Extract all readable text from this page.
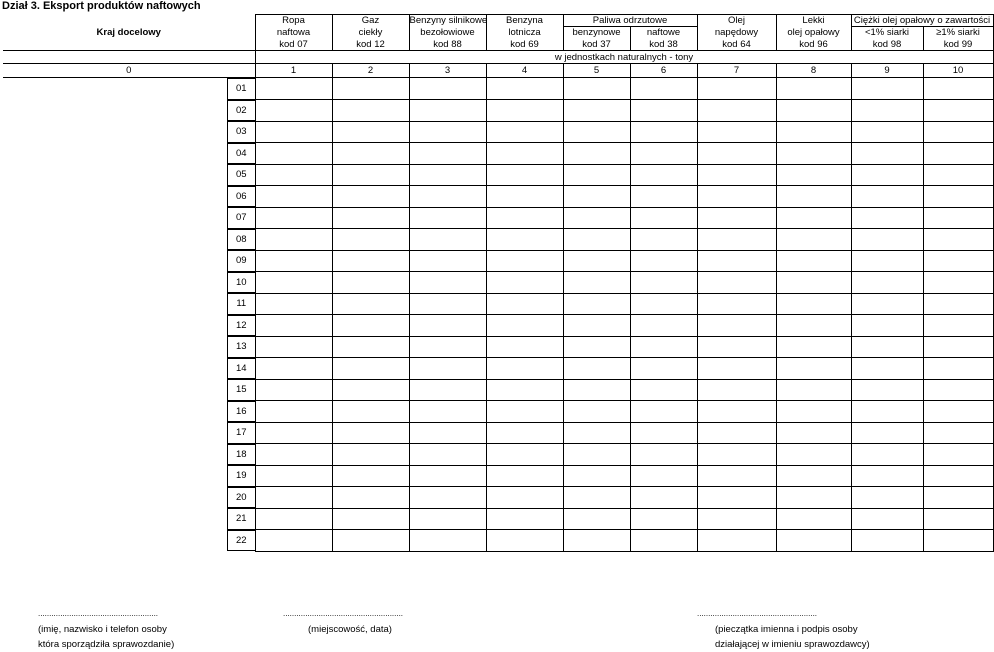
Dział 3. Eksport produktów naftowych
Kraj docelowy	Ropa	Gaz	Benzyny silnikowe	Benzyna	Paliwa odrzutowe		Olej	Lekki	Ciężki olej opałowy o zawartości	
	naftowa	ciekły	bezołowiowe	lotnicza	benzynowe	naftowe	napędowy	olej opałowy	<1% siarki	≥1% siarki
	kod 07	kod 12	kod 88	kod 69	kod 37	kod 38	kod 64	kod 96	kod 98	kod 99
	w jednostkach naturalnych - tony									
0	1	2	3	4	5	6	7	8	9	10

01										

02										

03										

04										

05										

06										

07										

08										

09										

10										

11										

12										

13										

14										

15										

16										

17										

18										

19										

20										

21										

22										

......................................................
(imię, nazwisko i telefon osoby
która sporządziła sprawozdanie)
......................................................
(miejscowość, data)
......................................................
(pieczątka imienna i podpis osoby
działającej w imieniu sprawozdawcy)
